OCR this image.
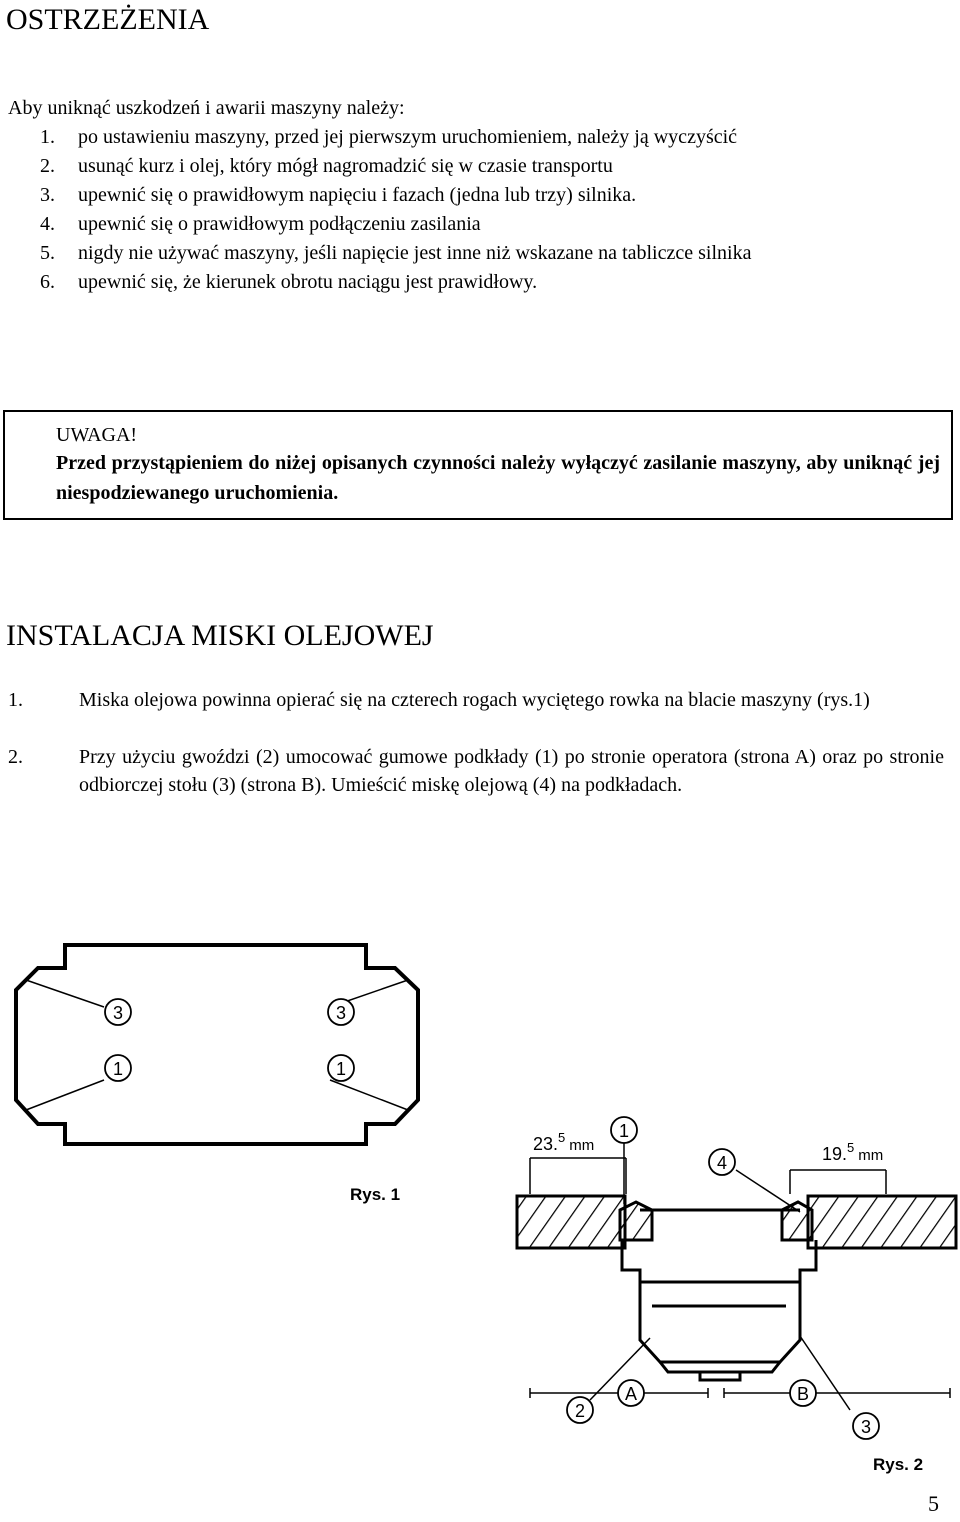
OSTRZEŻENIA

Aby uniknąć uszkodzeń i awarii maszyny należy:

1. po ustawieniu maszyny, przed jej pierwszym uruchomieniem, należy ją wyczyścić
2. usunąć kurz i olej, który mógł nagromadzić się w czasie transportu
3. upewnić się o prawidłowym napięciu i fazach (jedna lub trzy) silnika.
4. upewnić się o prawidłowym podłączeniu zasilania
5. nigdy nie używać maszyny, jeśli napięcie jest inne niż wskazane na tabliczce silnika
6. upewnić się, że kierunek obrotu naciągu jest prawidłowy.
UWAGA!
Przed przystąpieniem do niżej opisanych czynności należy wyłączyć zasilanie maszyny, aby uniknąć jej niespodziewanego uruchomienia.
INSTALACJA MISKI OLEJOWEJ
1.	Miska olejowa powinna opierać się na czterech rogach wyciętego rowka na blacie maszyny (rys.1)
2.	Przy użyciu gwoździ (2) umocować gumowe podkłady (1) po stronie operatora (strona A) oraz po stronie odbiorczej stołu (3) (strona B). Umieścić miskę olejową (4) na podkładach.
3	3
1	1
Rys. 1
23.$^5$ $_{mm}$	19.$^5$ $_{mm}$
1
4
2
3
A	B
Rys. 2
5
